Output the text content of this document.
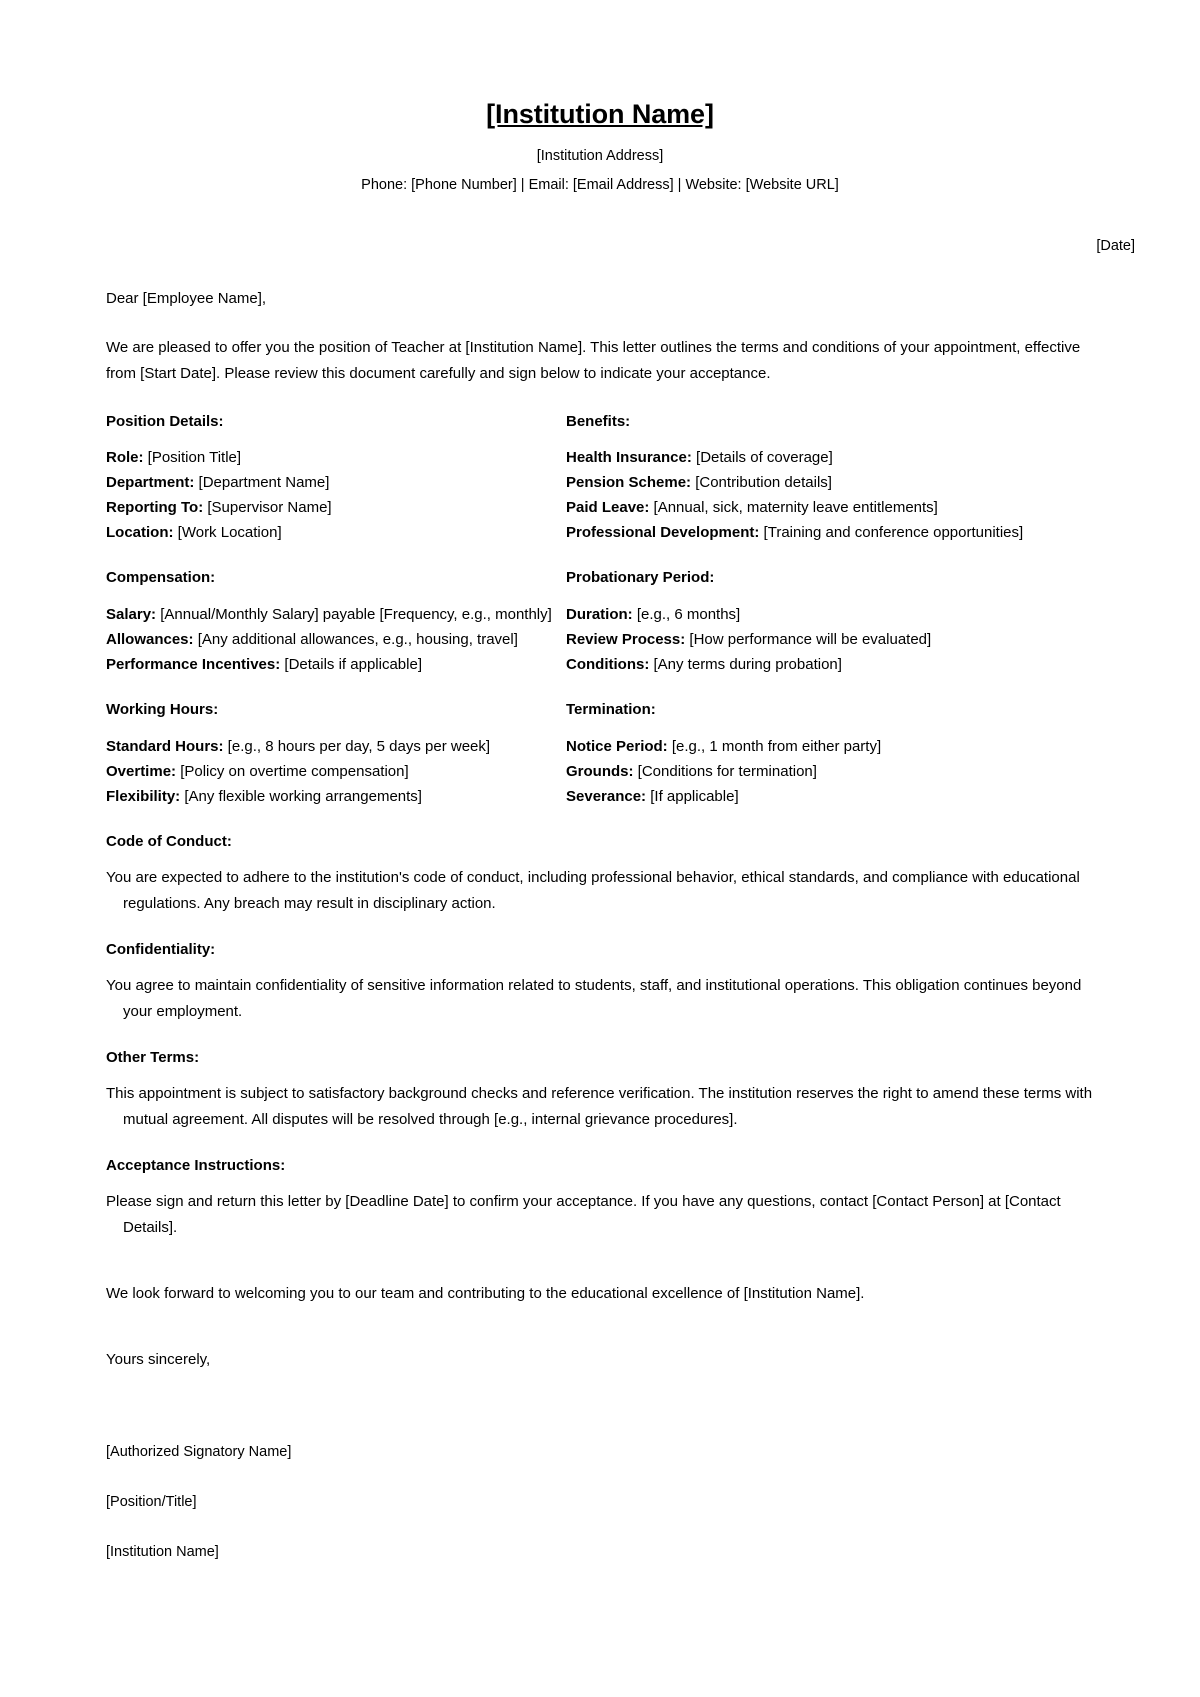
[Institution Name]
[Institution Address]
Phone: [Phone Number] | Email: [Email Address] | Website: [Website URL]
[Date]
Dear [Employee Name],
We are pleased to offer you the position of Teacher at [Institution Name]. This letter outlines the terms and conditions of your appointment, effective from [Start Date]. Please review this document carefully and sign below to indicate your acceptance.
Position Details:
Role: [Position Title]
Department: [Department Name]
Reporting To: [Supervisor Name]
Location: [Work Location]
Compensation:
Salary: [Annual/Monthly Salary] payable [Frequency, e.g., monthly]
Allowances: [Any additional allowances, e.g., housing, travel]
Performance Incentives: [Details if applicable]
Working Hours:
Standard Hours: [e.g., 8 hours per day, 5 days per week]
Overtime: [Policy on overtime compensation]
Flexibility: [Any flexible working arrangements]
Benefits:
Health Insurance: [Details of coverage]
Pension Scheme: [Contribution details]
Paid Leave: [Annual, sick, maternity leave entitlements]
Professional Development: [Training and conference opportunities]
Probationary Period:
Duration: [e.g., 6 months]
Review Process: [How performance will be evaluated]
Conditions: [Any terms during probation]
Termination:
Notice Period: [e.g., 1 month from either party]
Grounds: [Conditions for termination]
Severance: [If applicable]
Code of Conduct:
You are expected to adhere to the institution's code of conduct, including professional behavior, ethical standards, and compliance with educational regulations. Any breach may result in disciplinary action.
Confidentiality:
You agree to maintain confidentiality of sensitive information related to students, staff, and institutional operations. This obligation continues beyond your employment.
Other Terms:
This appointment is subject to satisfactory background checks and reference verification. The institution reserves the right to amend these terms with mutual agreement. All disputes will be resolved through [e.g., internal grievance procedures].
Acceptance Instructions:
Please sign and return this letter by [Deadline Date] to confirm your acceptance. If you have any questions, contact [Contact Person] at [Contact Details].
We look forward to welcoming you to our team and contributing to the educational excellence of [Institution Name].
Yours sincerely,
[Authorized Signatory Name]
[Position/Title]
[Institution Name]
